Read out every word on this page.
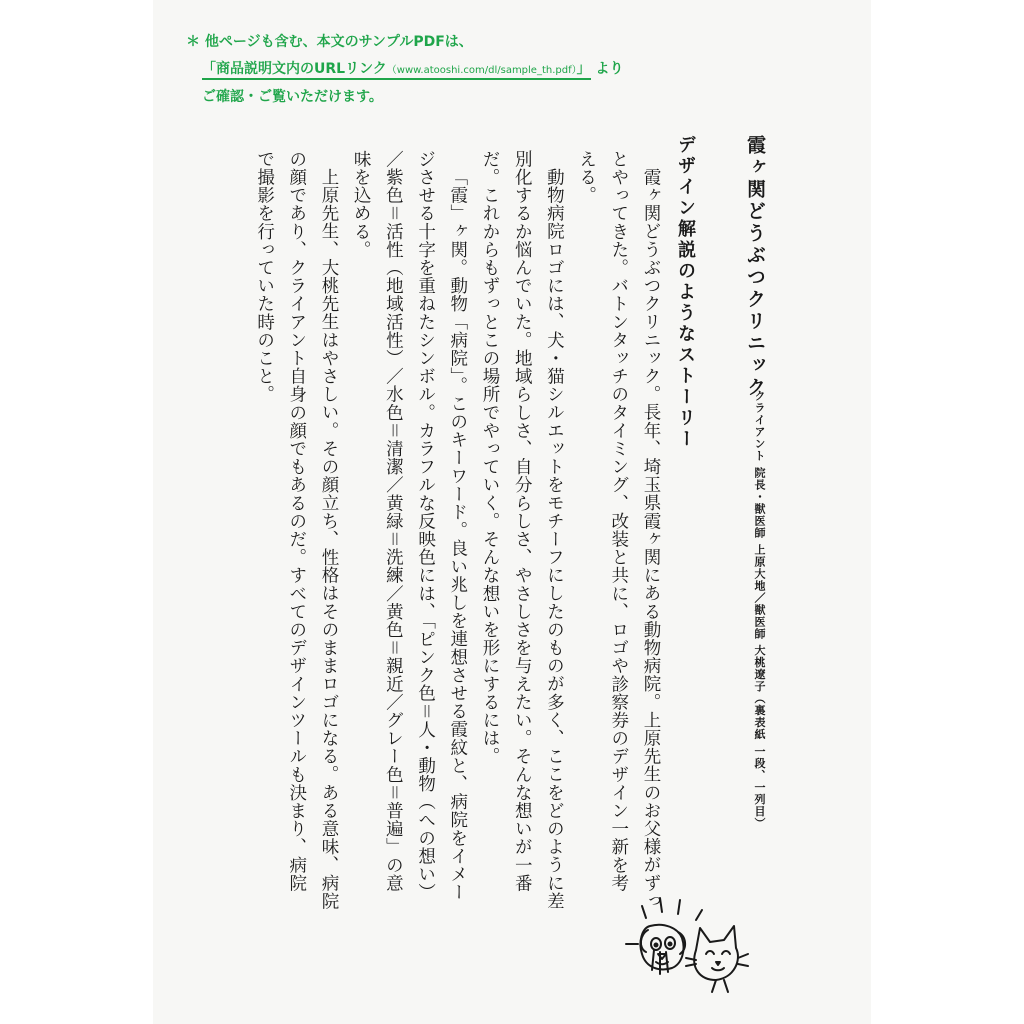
＊ 他ページも含む、本文のサンプルPDFは、
「商品説明文内のURLリンク（www.atooshi.com/dl/sample_th.pdf）」 より
ご確認・ご覧いただけます。
霞ヶ関どうぶつクリニック
クライアント 院長・獣医師 上原大地／獣医師 大桃遼子（裏表紙 一段、一列目）
デザイン解説のようなストーリー

霞ヶ関どうぶつクリニック。長年、埼玉県霞ヶ関にある動物病院。上原先生のお父様がずっとやってきた。バトンタッチのタイミング、改装と共に、ロゴや診察券のデザイン一新を考える。

動物病院ロゴには、犬・猫シルエットをモチーフにしたのものが多く、ここをどのように差別化するか悩んでいた。地域らしさ、自分らしさ、やさしさを与えたい。そんな想いが一番だ。これからもずっとこの場所でやっていく。そんな想いを形にするには。

「霞」ヶ関。動物「病院」。このキーワード。良い兆しを連想させる霞紋と、病院をイメージさせる十字を重ねたシンボル。カラフルな反映色には、「ピンク色＝人・動物（への想い）／紫色＝活性（地域活性）／水色＝清潔／黄緑＝洗練／黄色＝親近／グレー色＝普遍」の意味を込める。

上原先生、大桃先生はやさしい。その顔立ち、性格はそのままロゴになる。ある意味、病院の顔であり、クライアント自身の顔でもあるのだ。すべてのデザインツールも決まり、病院で撮影を行っていた時のこと。
